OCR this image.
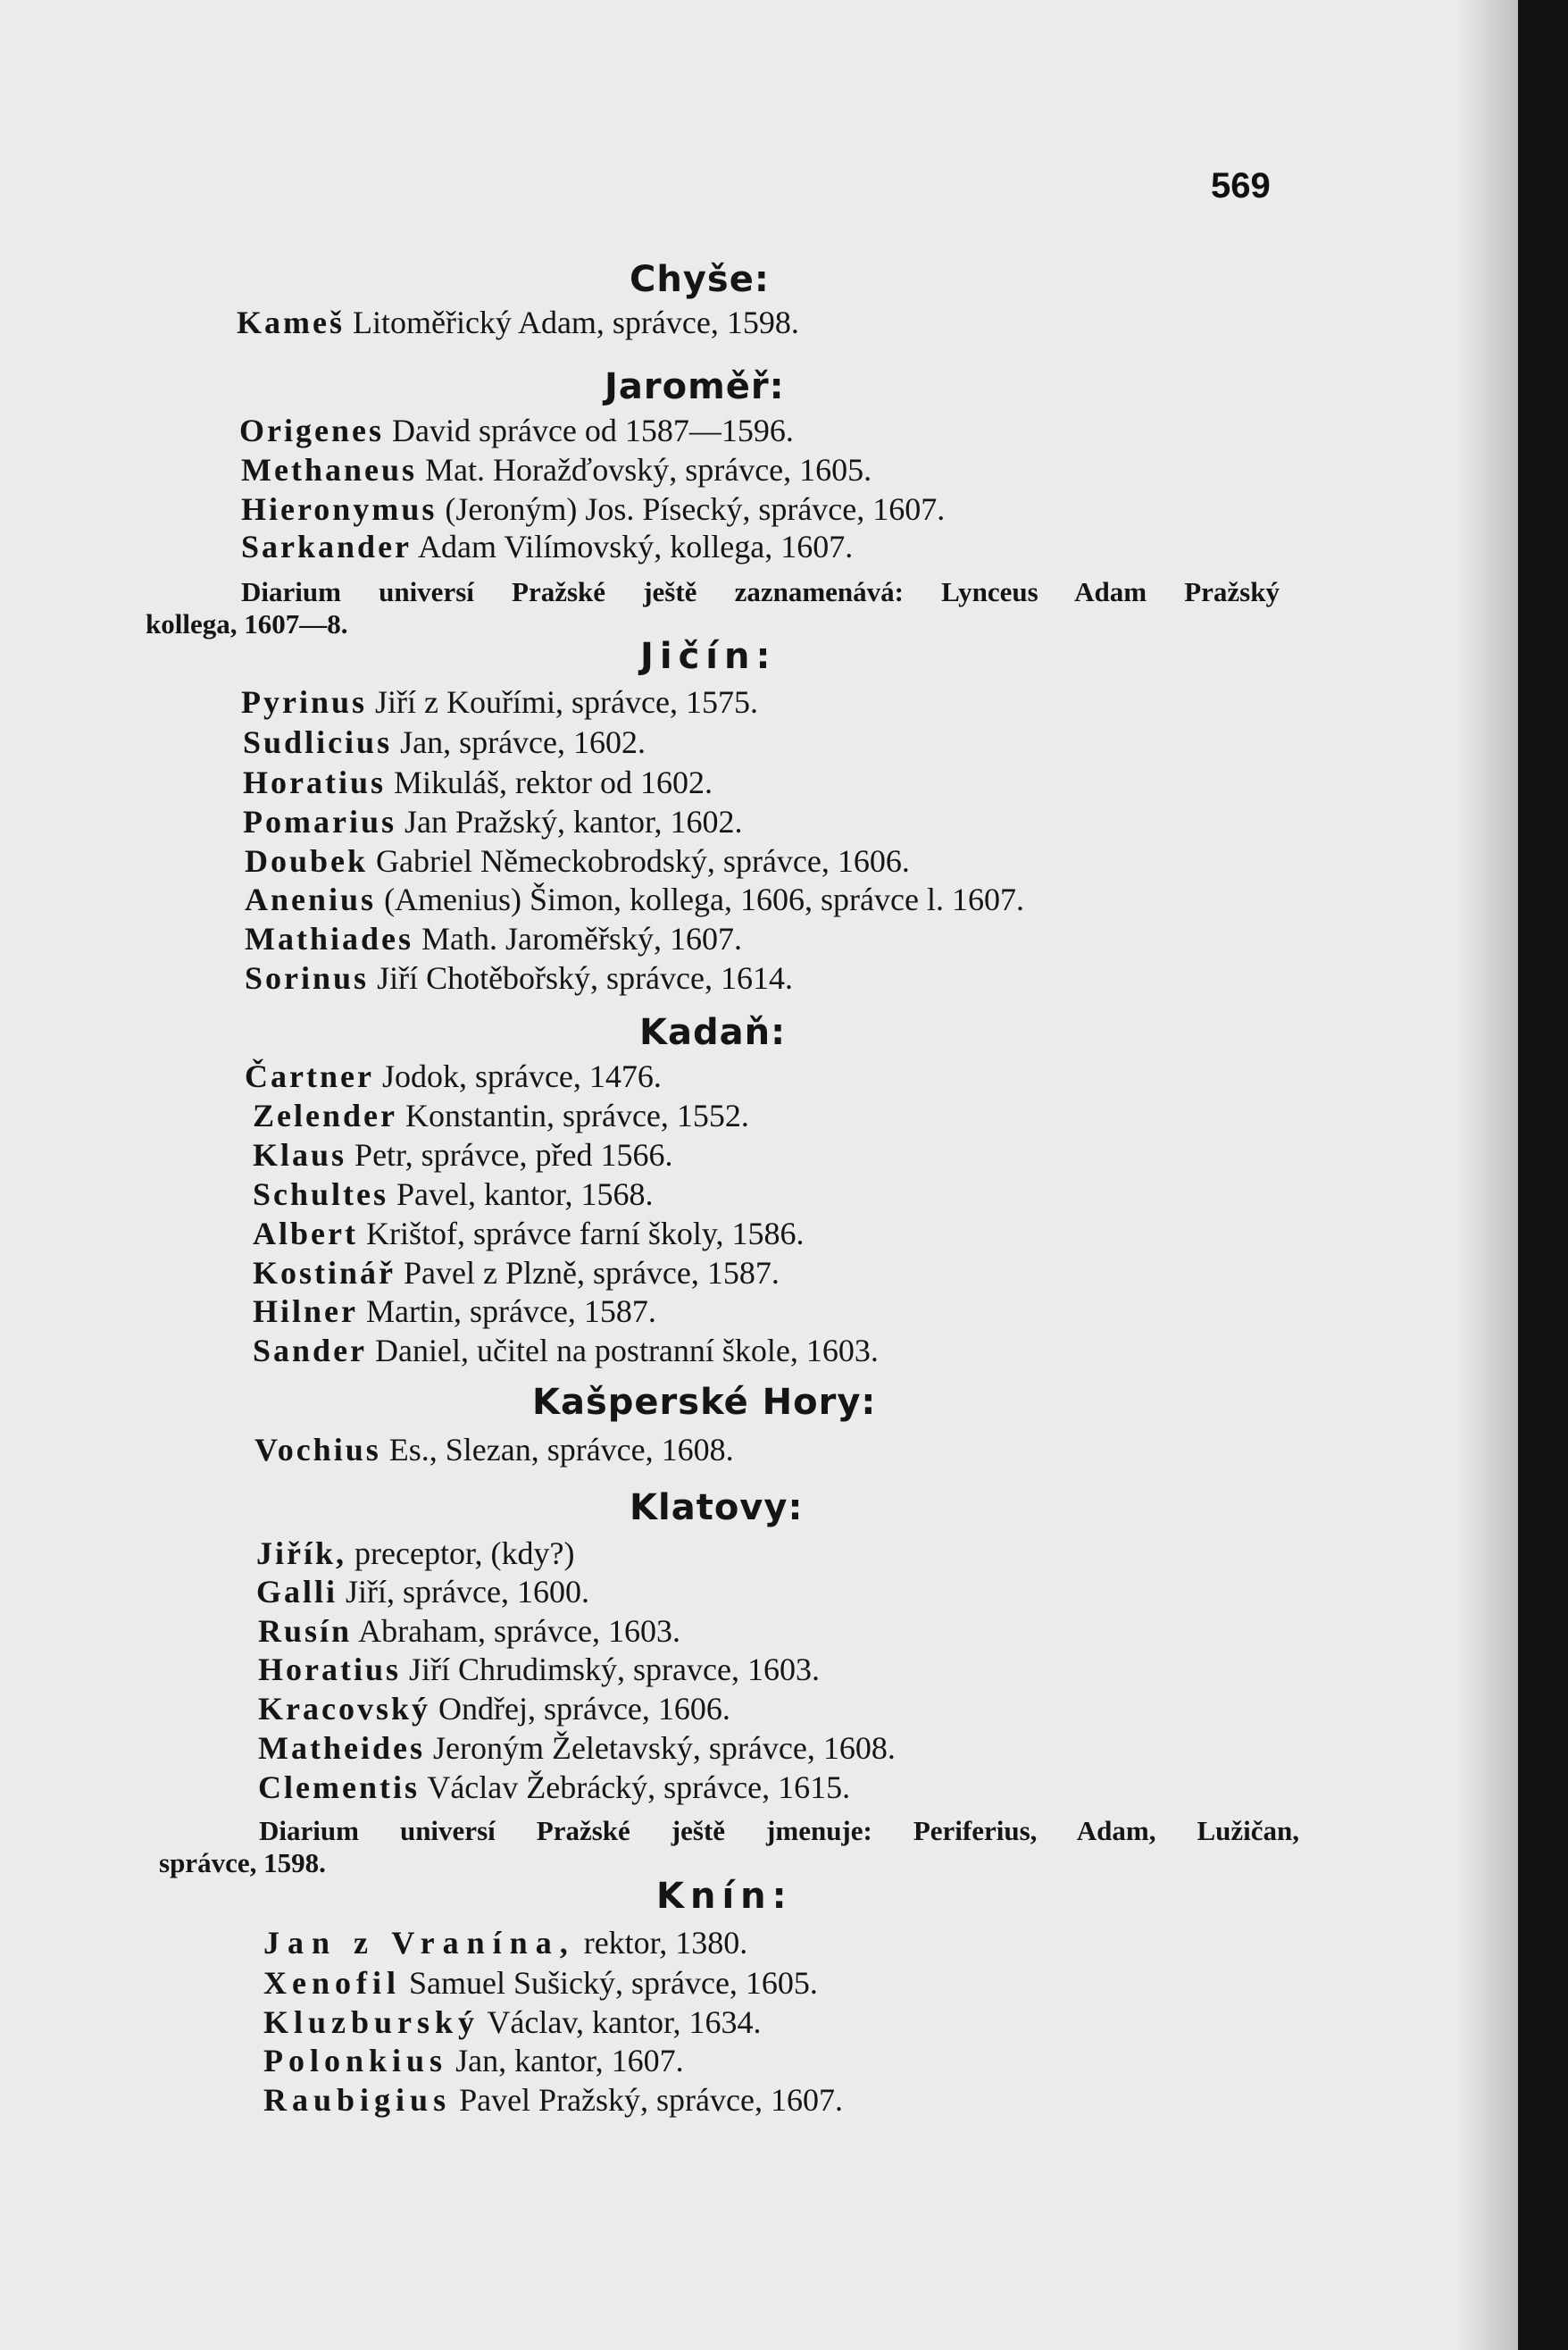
569
Chyše:

Kameš Litoměřický Adam, správce, 1598.

Jaroměř:

Origenes David správce od 1587—1596.

Methaneus Mat. Horažďovský, správce, 1605.

Hieronymus (Jeroným) Jos. Písecký, správce, 1607.

Sarkander Adam Vilímovský, kollega, 1607.

Diarium universí Pražské ještě zaznamenává: Lynceus Adam Pražský
kollega, 1607—8.
Jičín:

Pyrinus Jiří z Kouřími, správce, 1575.

Sudlicius Jan, správce, 1602.

Horatius Mikuláš, rektor od 1602.

Pomarius Jan Pražský, kantor, 1602.

Doubek Gabriel Německobrodský, správce, 1606.

Anenius (Amenius) Šimon, kollega, 1606, správce l. 1607.

Mathiades Math. Jaroměřský, 1607.

Sorinus Jiří Chotěbořský, správce, 1614.

Kadaň:

Čartner Jodok, správce, 1476.

Zelender Konstantin, správce, 1552.

Klaus Petr, správce, před 1566.

Schultes Pavel, kantor, 1568.

Albert Krištof, správce farní školy, 1586.

Kostinář Pavel z Plzně, správce, 1587.

Hilner Martin, správce, 1587.

Sander Daniel, učitel na postranní škole, 1603.

Kašperské Hory:

Vochius Es., Slezan, správce, 1608.

Klatovy:

Jiřík, preceptor, (kdy?)

Galli Jiří, správce, 1600.

Rusín Abraham, správce, 1603.

Horatius Jiří Chrudimský, spravce, 1603.

Kracovský Ondřej, správce, 1606.

Matheides Jeroným Želetavský, správce, 1608.

Clementis Václav Žebrácký, správce, 1615.

Diarium universí Pražské ještě jmenuje: Periferius, Adam, Lužičan,
správce, 1598.
Knín:

Jan z Vranína, rektor, 1380.

Xenofil Samuel Sušický, správce, 1605.

Kluzburský Václav, kantor, 1634.

Polonkius Jan, kantor, 1607.

Raubigius Pavel Pražský, správce, 1607.
